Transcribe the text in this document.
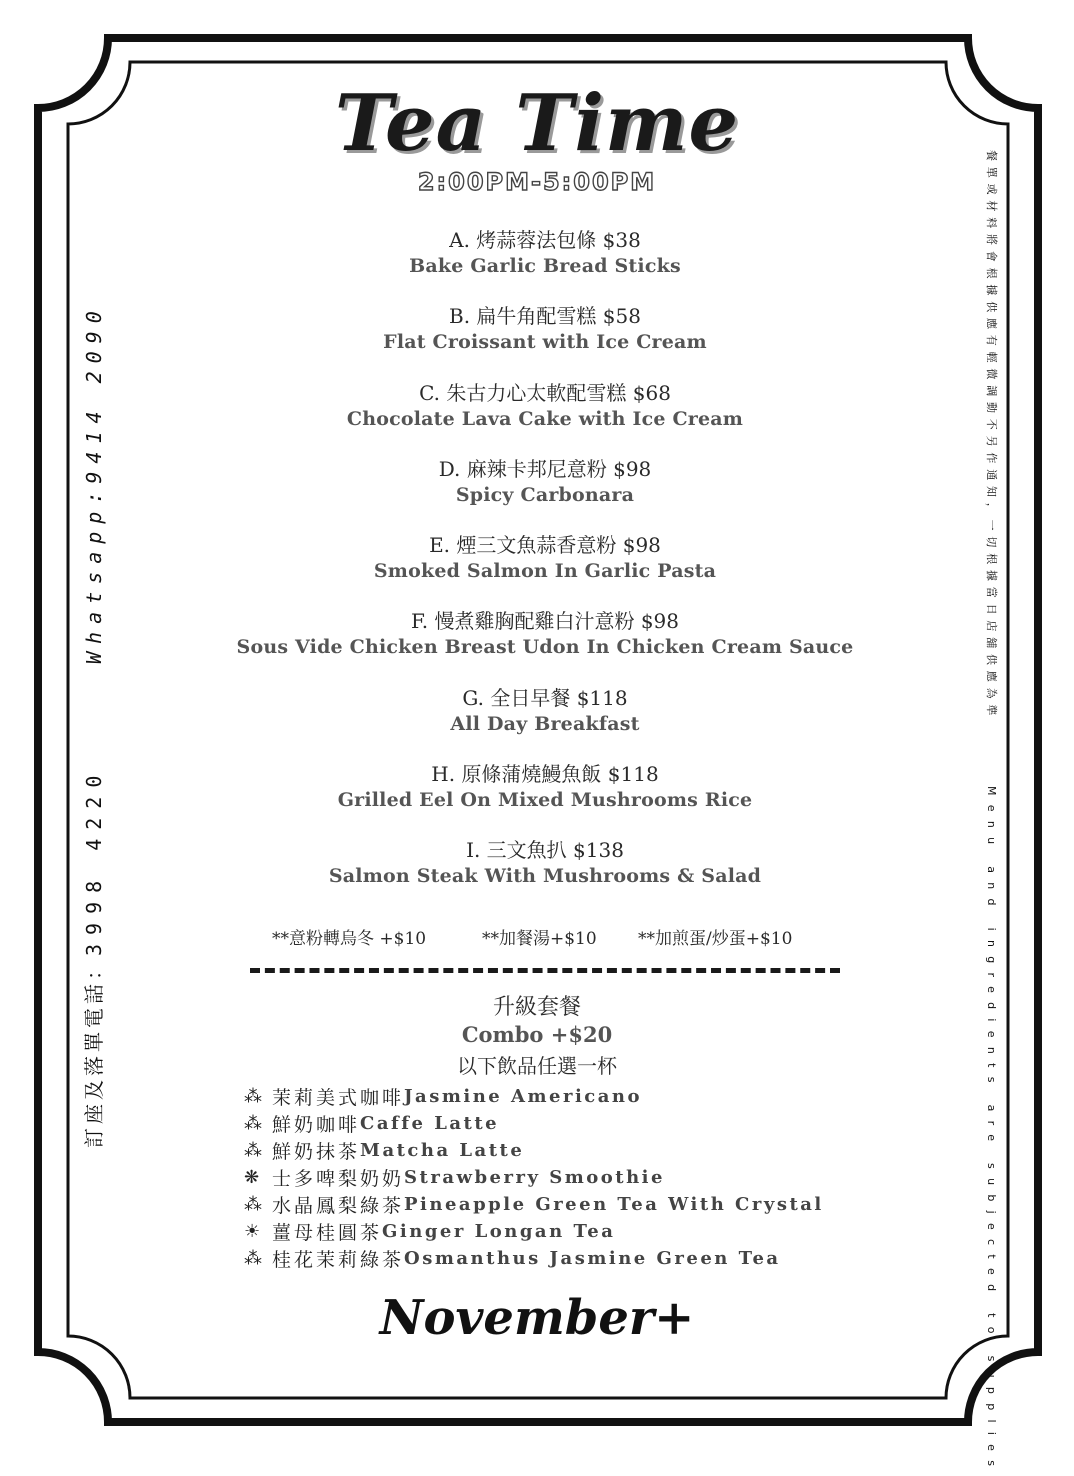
Tea Time
2:00PM-5:00PM
A. 烤蒜蓉法包條 $38
Bake Garlic Bread Sticks
B. 扁牛角配雪糕 $58
Flat Croissant with Ice Cream
C. 朱古力心太軟配雪糕 $68
Chocolate Lava Cake with Ice Cream
D. 麻辣卡邦尼意粉 $98
Spicy Carbonara
E. 煙三文魚蒜香意粉 $98
Smoked Salmon In Garlic Pasta
F. 慢煮雞胸配雞白汁意粉 $98
Sous Vide Chicken Breast Udon In Chicken Cream Sauce
G. 全日早餐 $118
All Day Breakfast
H. 原條蒲燒鰻魚飯 $118
Grilled Eel On Mixed Mushrooms Rice
I. 三文魚扒 $138
Salmon Steak With Mushrooms & Salad
**意粉轉烏冬 +$10	**加餐湯+$10 **加煎蛋/炒蛋+$10
升級套餐
Combo +$20
以下飲品任選一杯
⁂ 茉莉美式咖啡 Jasmine Americano
⁂ 鮮奶咖啡 Caffe Latte
⁂ 鮮奶抹茶 Matcha Latte
❋ 士多啤梨奶奶 Strawberry Smoothie
⁂ 水晶鳳梨綠茶 Pineapple Green Tea With Crystal
☀ 薑母桂圓茶 Ginger Longan Tea
⁂ 桂花茉莉綠茶 Osmanthus Jasmine Green Tea
November+
訂座及落單電話：3998 4220
Whatsapp:9414 2090	餐單或材料將會根據供應有輕微調動不另作通知，一切根據當日店舖供應為準
Menu and ingredients are subjected to supplies
